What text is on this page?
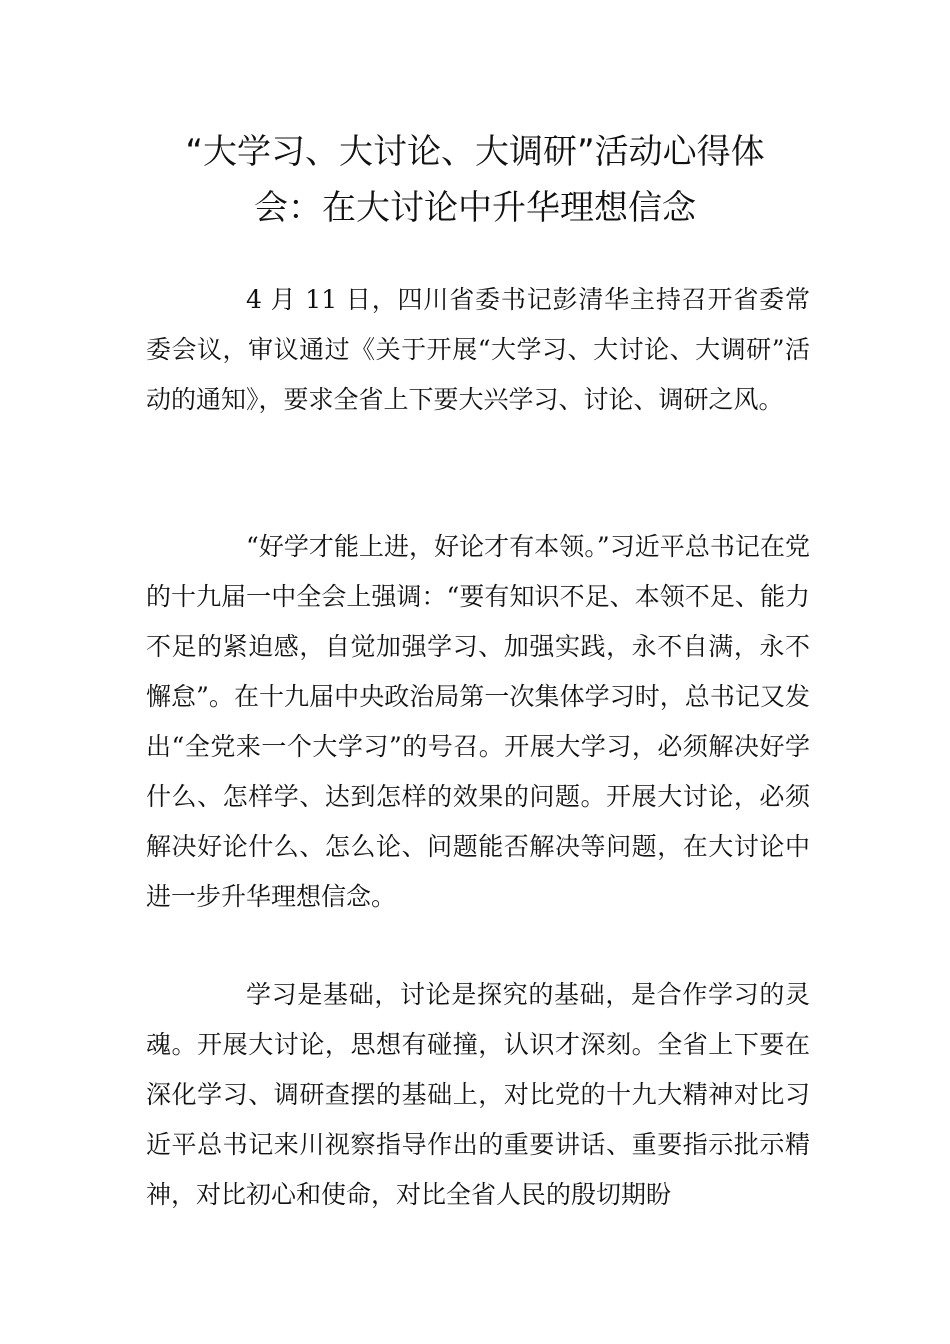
“大学习、大讨论、大调研”活动心得体
会：在大讨论中升华理想信念

4 月 11 日，四川省委书记彭清华主持召开省委常委会议，审议通过《关于开展“大学习、大讨论、大调研”活动的通知》，要求全省上下要大兴学习、讨论、调研之风。

“好学才能上进，好论才有本领。”习近平总书记在党的十九届一中全会上强调：“要有知识不足、本领不足、能力不足的紧迫感，自觉加强学习、加强实践，永不自满，永不懈怠”。在十九届中央政治局第一次集体学习时，总书记又发出“全党来一个大学习”的号召。开展大学习，必须解决好学什么、怎样学、达到怎样的效果的问题。开展大讨论，必须解决好论什么、怎么论、问题能否解决等问题，在大讨论中进一步升华理想信念。

学习是基础，讨论是探究的基础，是合作学习的灵魂。开展大讨论，思想有碰撞，认识才深刻。全省上下要在深化学习、调研查摆的基础上，对比党的十九大精神对比习近平总书记来川视察指导作出的重要讲话、重要指示批示精神，对比初心和使命，对比全省人民的殷切期盼
